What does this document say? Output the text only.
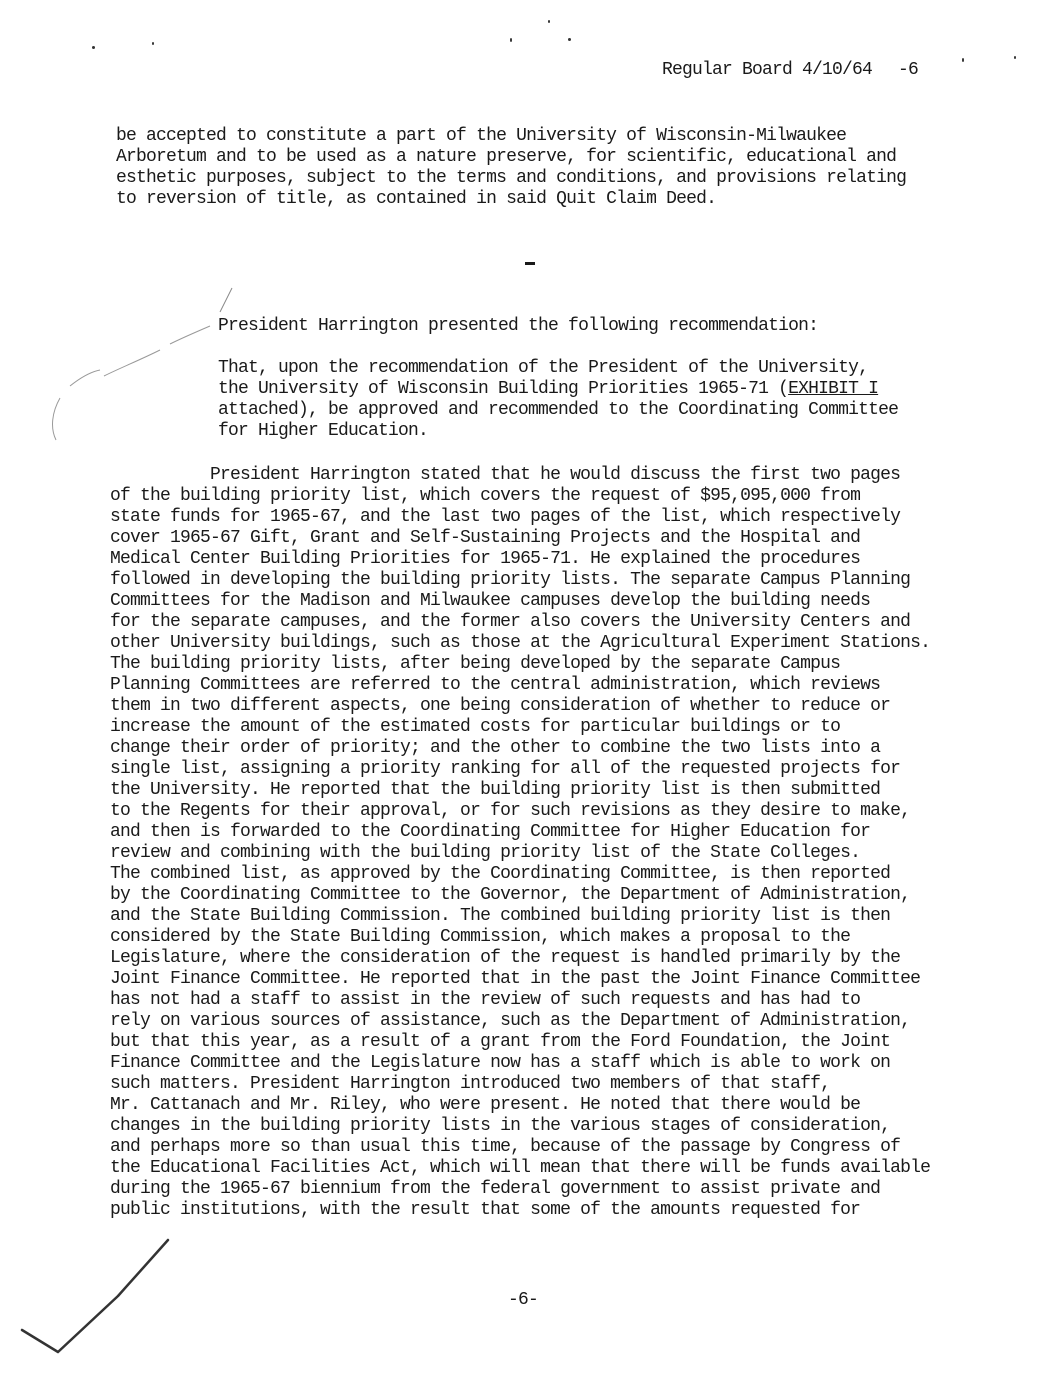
Regular Board 4/10/64 -6
be accepted to constitute a part of the University of Wisconsin-Milwaukee
Arboretum and to be used as a nature preserve, for scientific, educational and
esthetic purposes, subject to the terms and conditions, and provisions relating
to reversion of title, as contained in said Quit Claim Deed.
President Harrington presented the following recommendation:
That, upon the recommendation of the President of the University,
the University of Wisconsin Building Priorities 1965-71 (EXHIBIT I
attached), be approved and recommended to the Coordinating Committee
for Higher Education.
President Harrington stated that he would discuss the first two pages
of the building priority list, which covers the request of $95,095,000 from
state funds for 1965-67, and the last two pages of the list, which respectively
cover 1965-67 Gift, Grant and Self-Sustaining Projects and the Hospital and
Medical Center Building Priorities for 1965-71. He explained the procedures
followed in developing the building priority lists. The separate Campus Planning
Committees for the Madison and Milwaukee campuses develop the building needs
for the separate campuses, and the former also covers the University Centers and
other University buildings, such as those at the Agricultural Experiment Stations.
The building priority lists, after being developed by the separate Campus
Planning Committees are referred to the central administration, which reviews
them in two different aspects, one being consideration of whether to reduce or
increase the amount of the estimated costs for particular buildings or to
change their order of priority; and the other to combine the two lists into a
single list, assigning a priority ranking for all of the requested projects for
the University. He reported that the building priority list is then submitted
to the Regents for their approval, or for such revisions as they desire to make,
and then is forwarded to the Coordinating Committee for Higher Education for
review and combining with the building priority list of the State Colleges.
The combined list, as approved by the Coordinating Committee, is then reported
by the Coordinating Committee to the Governor, the Department of Administration,
and the State Building Commission. The combined building priority list is then
considered by the State Building Commission, which makes a proposal to the
Legislature, where the consideration of the request is handled primarily by the
Joint Finance Committee. He reported that in the past the Joint Finance Committee
has not had a staff to assist in the review of such requests and has had to
rely on various sources of assistance, such as the Department of Administration,
but that this year, as a result of a grant from the Ford Foundation, the Joint
Finance Committee and the Legislature now has a staff which is able to work on
such matters. President Harrington introduced two members of that staff,
Mr. Cattanach and Mr. Riley, who were present. He noted that there would be
changes in the building priority lists in the various stages of consideration,
and perhaps more so than usual this time, because of the passage by Congress of
the Educational Facilities Act, which will mean that there will be funds available
during the 1965-67 biennium from the federal government to assist private and
public institutions, with the result that some of the amounts requested for
-6-
